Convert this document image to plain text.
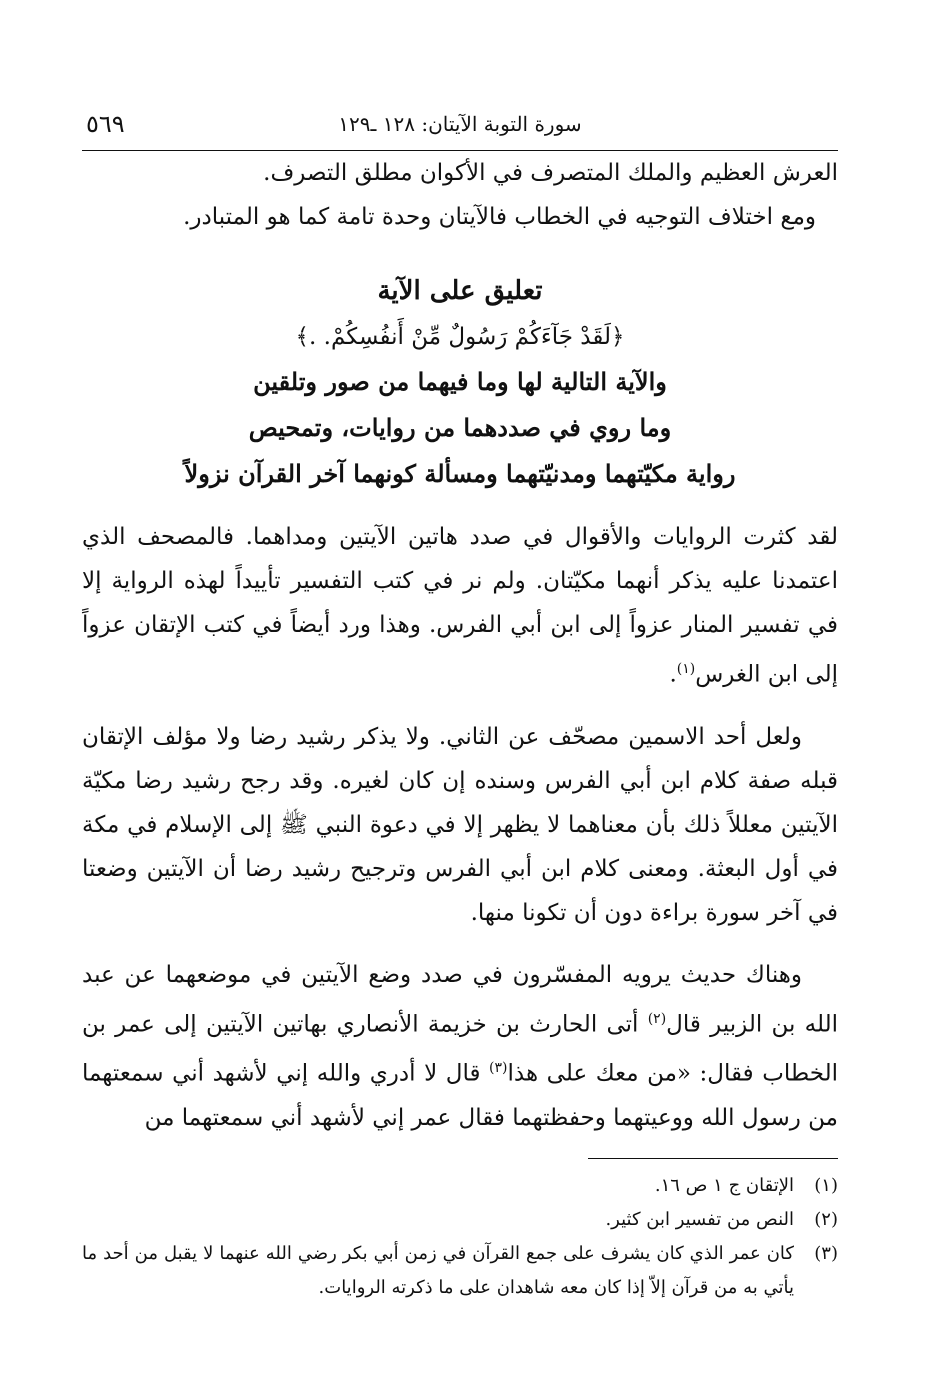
سورة التوبة الآيتان: ١٢٨ ـ١٢٩
٥٦٩

العرش العظيم والملك المتصرف في الأكوان مطلق التصرف.

ومع اختلاف التوجيه في الخطاب فالآيتان وحدة تامة كما هو المتبادر.

تعليق على الآية
﴿لَقَدْ جَآءَكُمْ رَسُولٌ مِّنْ أَنفُسِكُمْ. .﴾
والآية التالية لها وما فيهما من صور وتلقين
وما روي في صددهما من روايات، وتمحيص
رواية مكيّتهما ومدنيّتهما ومسألة كونهما آخر القرآن نزولاً

لقد كثرت الروايات والأقوال في صدد هاتين الآيتين ومداهما. فالمصحف الذي اعتمدنا عليه يذكر أنهما مكيّتان. ولم نر في كتب التفسير تأييداً لهذه الرواية إلا في تفسير المنار عزواً إلى ابن أبي الفرس. وهذا ورد أيضاً في كتب الإتقان عزواً إلى ابن الغرس$^{(١)}$.

ولعل أحد الاسمين مصحّف عن الثاني. ولا يذكر رشيد رضا ولا مؤلف الإتقان قبله صفة كلام ابن أبي الفرس وسنده إن كان لغيره. وقد رجح رشيد رضا مكيّة الآيتين معللاً ذلك بأن معناهما لا يظهر إلا في دعوة النبي ﷺ إلى الإسلام في مكة في أول البعثة. ومعنى كلام ابن أبي الفرس وترجيح رشيد رضا أن الآيتين وضعتا في آخر سورة براءة دون أن تكونا منها.

وهناك حديث يرويه المفسّرون في صدد وضع الآيتين في موضعهما عن عبد الله بن الزبير قال$^{(٢)}$ أتى الحارث بن خزيمة الأنصاري بهاتين الآيتين إلى عمر بن الخطاب فقال: «من معك على هذا$^{(٣)}$ قال لا أدري والله إني لأشهد أني سمعتهما من رسول الله ووعيتهما وحفظتهما فقال عمر إني لأشهد أني سمعتهما من

(١)
الإتقان ج ١ ص ١٦.
(٢)
النص من تفسير ابن كثير.
(٣)
كان عمر الذي كان يشرف على جمع القرآن في زمن أبي بكر رضي الله عنهما لا يقبل من أحد ما يأتي به من قرآن إلاّ إذا كان معه شاهدان على ما ذكرته الروايات.
